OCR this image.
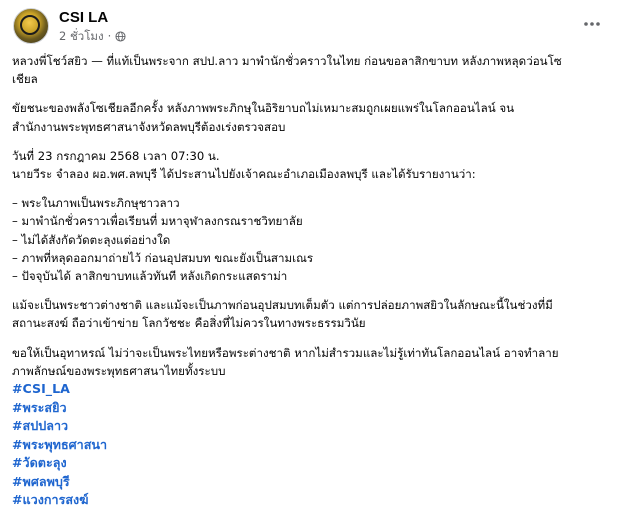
CSI LA
2 ชั่วโมง ·

หลวงพี่โชว์สยิว — ที่แท้เป็นพระจาก สปป.ลาว มาพำนักชั่วคราวในไทย ก่อนขอลาสิกขาบท หลังภาพหลุดว่อนโซ
เชียล

ขัยชนะของพลังโซเชียลอีกครั้ง หลังภาพพระภิกษุในอิริยาบถไม่เหมาะสมถูกเผยแพร่ในโลกออนไลน์ จน
สำนักงานพระพุทธศาสนาจังหวัดลพบุรีต้องเร่งตรวจสอบ

วันที่ 23 กรกฎาคม 2568 เวลา 07:30 น.
นายวีระ จำลอง ผอ.พศ.ลพบุรี ได้ประสานไปยังเจ้าคณะอำเภอเมืองลพบุรี และได้รับรายงานว่า:

– พระในภาพเป็นพระภิกษุชาวลาว
– มาพำนักชั่วคราวเพื่อเรียนที่ มหาจุฬาลงกรณราชวิทยาลัย
– ไม่ได้สังกัดวัดตะลุงแต่อย่างใด
– ภาพที่หลุดออกมาถ่ายไว้ ก่อนอุปสมบท ขณะยังเป็นสามเณร
– ปัจจุบันได้ ลาสิกขาบทแล้วทันที หลังเกิดกระแสดราม่า

แม้จะเป็นพระชาวต่างชาติ และแม้จะเป็นภาพก่อนอุปสมบทเต็มตัว แต่การปล่อยภาพสยิวในลักษณะนี้ในช่วงที่มี
สถานะสงฆ์ ถือว่าเข้าข่าย โลกวัชชะ คือสิ่งที่ไม่ควรในทางพระธรรมวินัย

ขอให้เป็นอุทาหรณ์ ไม่ว่าจะเป็นพระไทยหรือพระต่างชาติ หากไม่สำรวมและไม่รู้เท่าทันโลกออนไลน์ อาจทำลาย
ภาพลักษณ์ของพระพุทธศาสนาไทยทั้งระบบ

#CSI_LA
#พระสยิว
#สปปลาว
#พระพุทธศาสนา
#วัดตะลุง
#พศลพบุรี
#แวงการสงฆ์
